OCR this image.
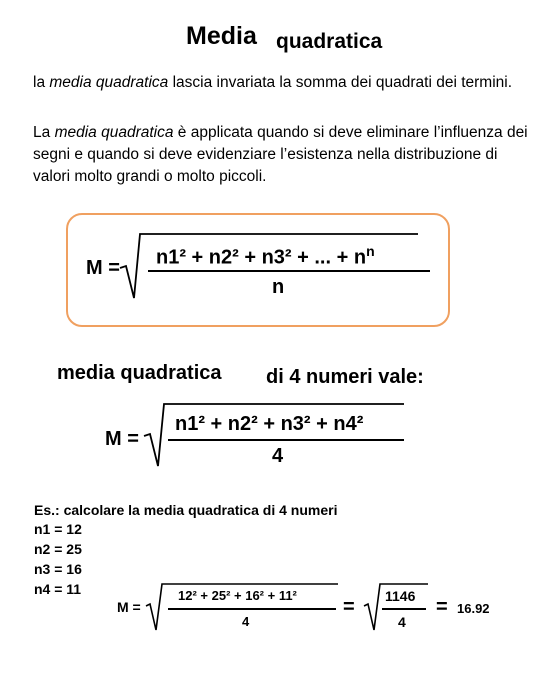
Media quadratica
la media quadratica lascia invariata la somma dei quadrati dei termini.
La media quadratica è applicata quando si deve eliminare l’influenza dei segni e quando si deve evidenziare l’esistenza nella distribuzione di valori molto grandi o molto piccoli.
M = n1² + n2² + n3² + ... + $n^n$
n
media quadratica di 4 numeri vale:
M =
n1² + n2² + n3² + n4²
4
Es.: calcolare la media quadratica di 4 numeri
n1 = 12
n2 = 25
n3 = 16
n4 = 11
M =
12² + 25² + 16² + 11²
4
= 1146
4
= 16.92
